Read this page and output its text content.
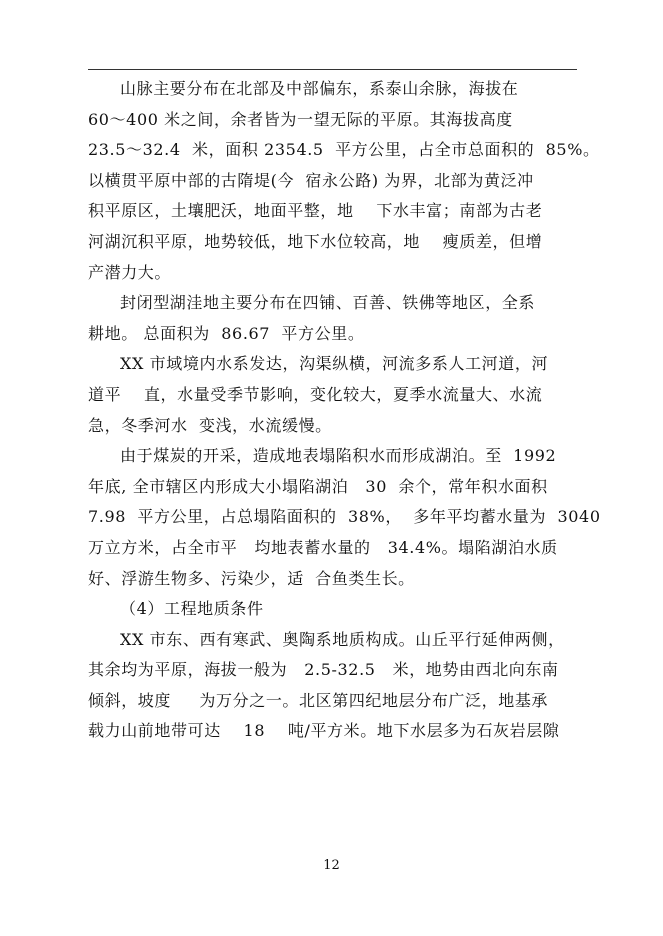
山脉主要分布在北部及中部偏东，系泰山余脉，海拔在
60～400 米之间，余者皆为一望无际的平原。其海拔高度
23.5～32.4  米，面积 2354.5  平方公里，占全市总面积的  85%。
以横贯平原中部的古隋堤(今  宿永公路) 为界，北部为黄泛冲
积平原区，土壤肥沃，地面平整，地    下水丰富；南部为古老
河湖沉积平原，地势较低，地下水位较高，地    瘦质差，但增
产潜力大。
封闭型湖洼地主要分布在四铺、百善、铁佛等地区，全系
耕地。 总面积为  86.67  平方公里。
XX 市域境内水系发达，沟渠纵横，河流多系人工河道，河
道平    直，水量受季节影响，变化较大，夏季水流量大、水流
急，冬季河水  变浅，水流缓慢。
由于煤炭的开采，造成地表塌陷积水而形成湖泊。至  1992
年底, 全市辖区内形成大小塌陷湖泊   30  余个，常年积水面积
7.98  平方公里，占总塌陷面积的  38%，  多年平均蓄水量为  3040
万立方米，占全市平   均地表蓄水量的   34.4%。塌陷湖泊水质
好、浮游生物多、污染少，适  合鱼类生长。
（4）工程地质条件
XX 市东、西有寒武、奥陶系地质构成。山丘平行延伸两侧，
其余均为平原，海拔一般为   2.5-32.5   米，地势由西北向东南
倾斜，坡度     为万分之一。北区第四纪地层分布广泛，地基承
载力山前地带可达    18    吨/平方米。地下水层多为石灰岩层隙
12
